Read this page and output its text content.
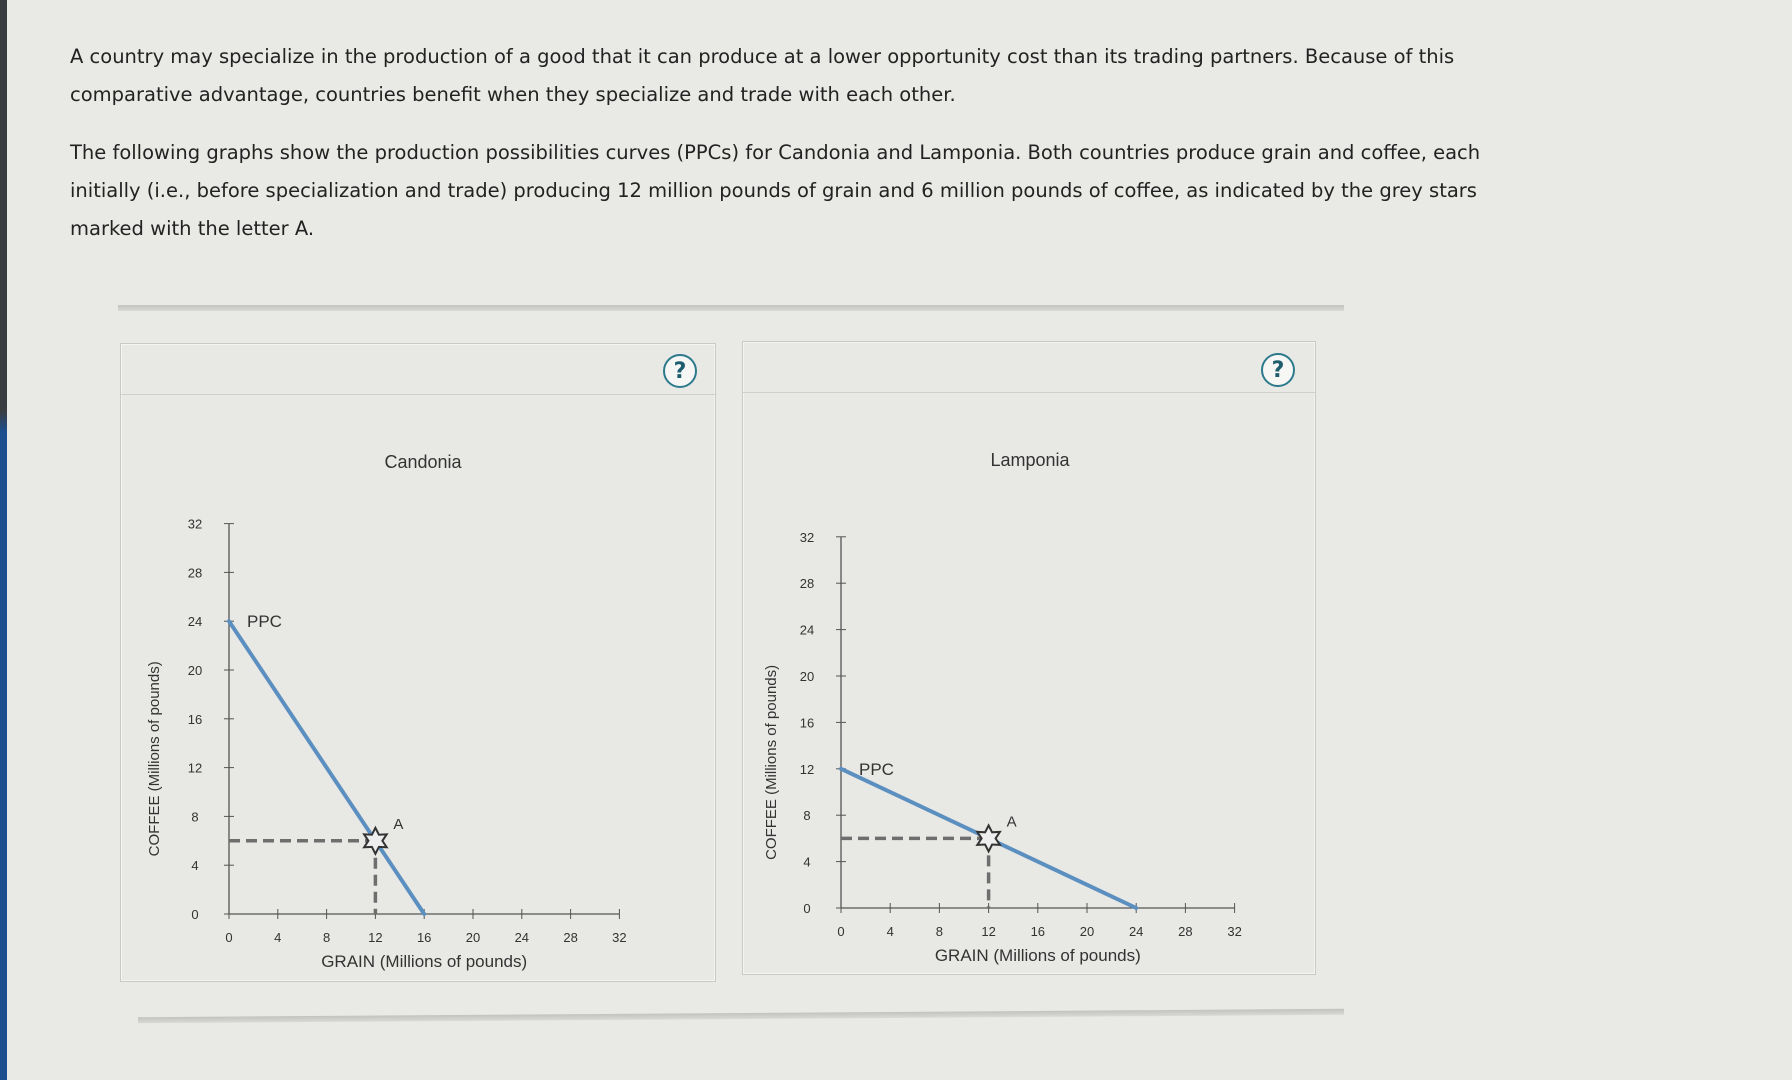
A country may specialize in the production of a good that it can produce at a lower opportunity cost than its trading partners. Because of this comparative advantage, countries benefit when they specialize and trade with each other.

The following graphs show the production possibilities curves (PPCs) for Candonia and Lamponia. Both countries produce grain and coffee, each initially (i.e., before specialization and trade) producing 12 million pounds of grain and 6 million pounds of coffee, as indicated by the grey stars marked with the letter A.

?
Candonia
0	4	8	12	16	20	24	28	32
0
4
8
12
16
20
24
28
32
GRAIN (Millions of pounds)
COFFEE (Millions of pounds)
PPC
A
?
Lamponia
0	4	8	12	16	20	24	28	32
0
4
8
12
16
20
24
28
32
GRAIN (Millions of pounds)
COFFEE (Millions of pounds)	PPC
A
